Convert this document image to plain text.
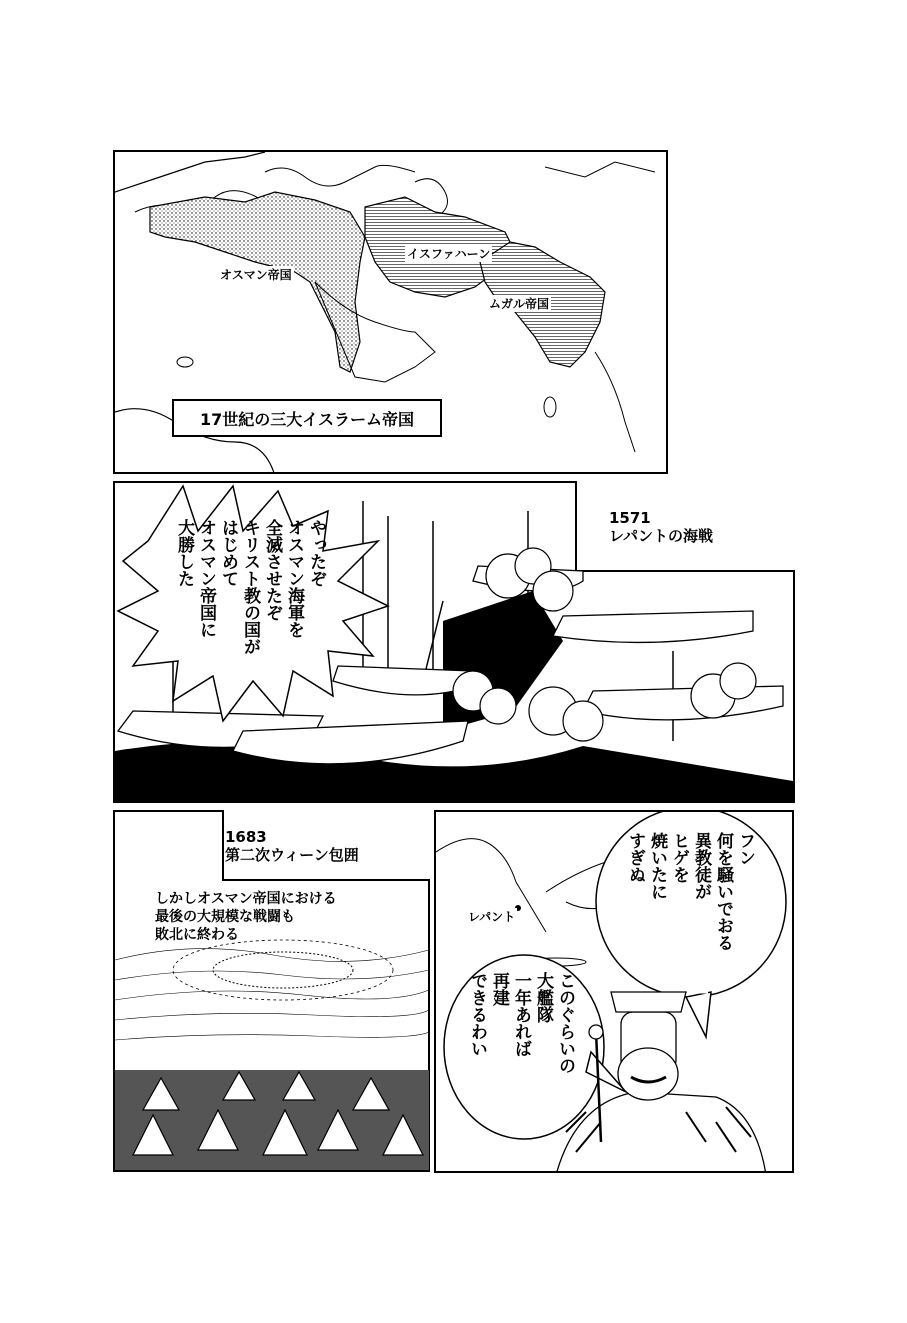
オスマン帝国
イスファハーン
ムガル帝国
17世紀の三大イスラーム帝国
やったぞ
オスマン海軍を
全滅させたぞ
キリスト教の国が
はじめて
オスマン帝国に
大勝した
1571
レパントの海戦
1683
第二次ウィーン包囲
しかしオスマン帝国における
最後の大規模な戦闘も
敗北に終わる
レパント
フン
何を騒いでおる
異教徒が
ヒゲを
焼いたに
すぎぬ
このぐらいの
大艦隊
一年あれば
再建
できるわい
